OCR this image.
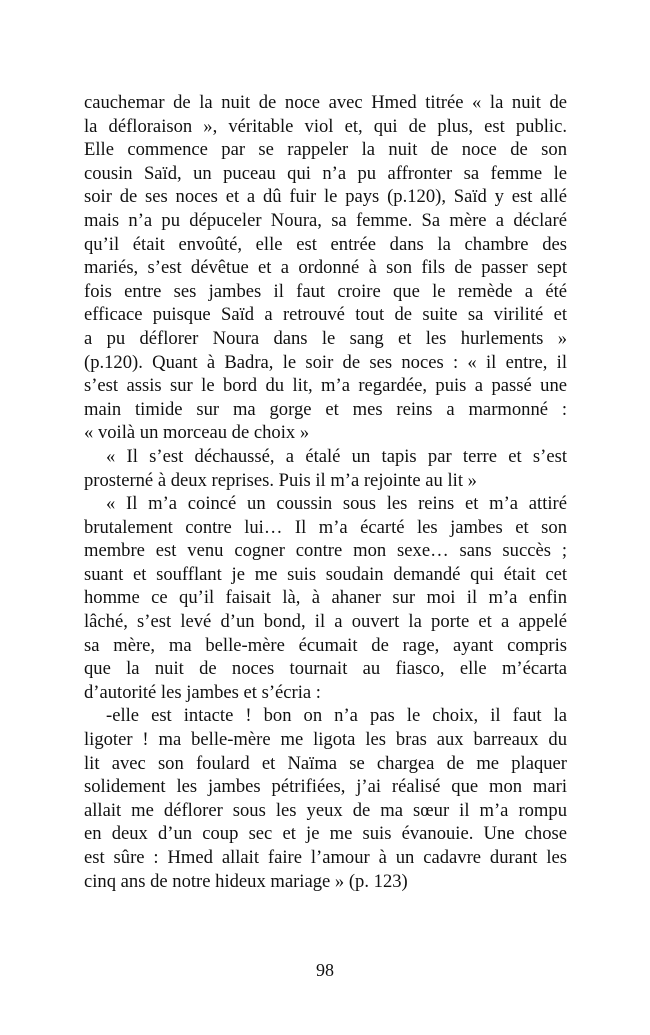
cauchemar de la nuit de noce avec Hmed titrée « la nuit de
la défloraison », véritable viol et, qui de plus, est public.
Elle commence par se rappeler la nuit de noce de son
cousin Saïd, un puceau qui n’a pu affronter sa femme le
soir de ses noces et a dû fuir le pays (p.120), Saïd y est allé
mais n’a pu dépuceler Noura, sa femme. Sa mère a déclaré
qu’il était envoûté, elle est entrée dans la chambre des
mariés, s’est dévêtue et a ordonné à son fils de passer sept
fois entre ses jambes il faut croire que le remède a été
efficace puisque Saïd a retrouvé tout de suite sa virilité et
a pu déflorer Noura dans le sang et les hurlements »
(p.120). Quant à Badra, le soir de ses noces : « il entre, il
s’est assis sur le bord du lit, m’a regardée, puis a passé une
main timide sur ma gorge et mes reins a marmonné :
« voilà un morceau de choix »
« Il s’est déchaussé, a étalé un tapis par terre et s’est
prosterné à deux reprises. Puis il m’a rejointe au lit »
« Il m’a coincé un coussin sous les reins et m’a attiré
brutalement contre lui… Il m’a écarté les jambes et son
membre est venu cogner contre mon sexe… sans succès ;
suant et soufflant je me suis soudain demandé qui était cet
homme ce qu’il faisait là, à ahaner sur moi il m’a enfin
lâché, s’est levé d’un bond, il a ouvert la porte et a appelé
sa mère, ma belle-mère écumait de rage, ayant compris
que la nuit de noces tournait au fiasco, elle m’écarta
d’autorité les jambes et s’écria :
-elle est intacte ! bon on n’a pas le choix, il faut la
ligoter ! ma belle-mère me ligota les bras aux barreaux du
lit avec son foulard et Naïma se chargea de me plaquer
solidement les jambes pétrifiées, j’ai réalisé que mon mari
allait me déflorer sous les yeux de ma sœur il m’a rompu
en deux d’un coup sec et je me suis évanouie. Une chose
est sûre : Hmed allait faire l’amour à un cadavre durant les
cinq ans de notre hideux mariage » (p. 123)
98
